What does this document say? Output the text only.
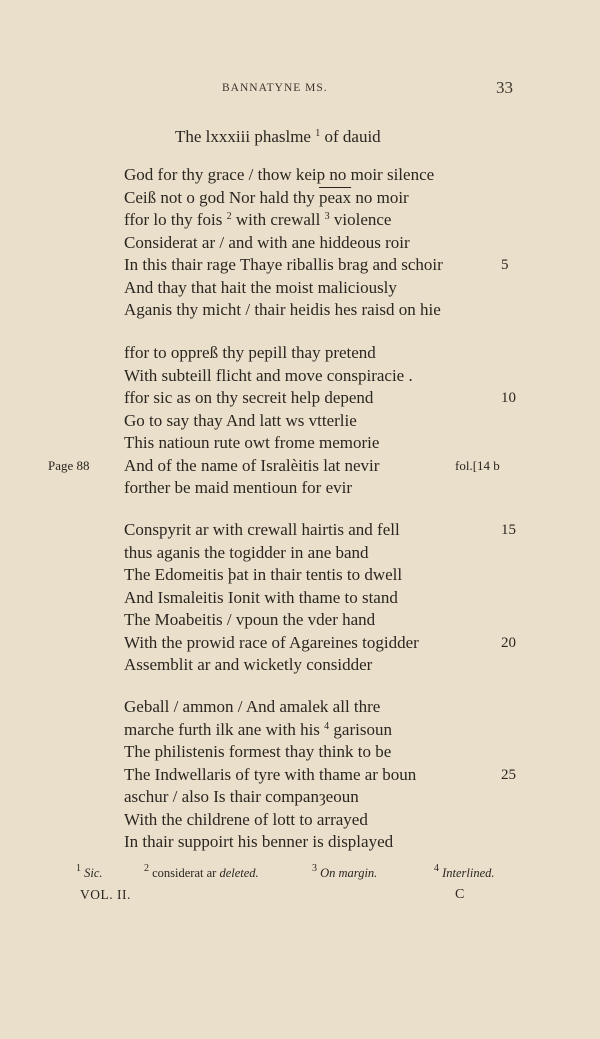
BANNATYNE MS.	33
The lxxxiii phaslme $^1$ of dauid
God for thy grace / thow keip no moir silence
Ceiß not o god Nor hald thy peax no moir
ffor lo thy fois $^2$ with crewall $^3$ violence
Considerat ar / and with ane hiddeous roir
In this thair rage Thaye riballis brag and schoir	5
And thay that hait the moist maliciously
Aganis thy micht / thair heidis hes raisd on hie
ffor to oppreß thy pepill thay pretend
With subteill flicht and move conspiracie .
ffor sic as on thy secreit help depend	10
Go to say thay And latt ws vtterlie
This natioun rute owt frome memorie
Page 88 And of the name of Isralèitis lat nevir	fol.[14 b
forther be maid mentioun for evir
Conspyrit ar with crewall hairtis and fell	15
thus aganis the togidder in ane band
The Edomeitis þat in thair tentis to dwell
And Ismaleitis Ionit with thame to stand
The Moabeitis / vpoun the vder hand
With the prowid race of Agareines togidder	20
Assemblit ar and wicketly considder
Geball / ammon / And amalek all thre
marche furth ilk ane with his $^4$ garisoun
The philistenis formest thay think to be
The Indwellaris of tyre with thame ar boun	25
aschur / also Is thair companȝeoun
With the childrene of lott to arrayed
In thair suppoirt his benner is displayed
$^1$ Sic.	$^2$ considerat ar deleted.	$^3$ On margin.	$^4$ Interlined.
VOL. II.	C
